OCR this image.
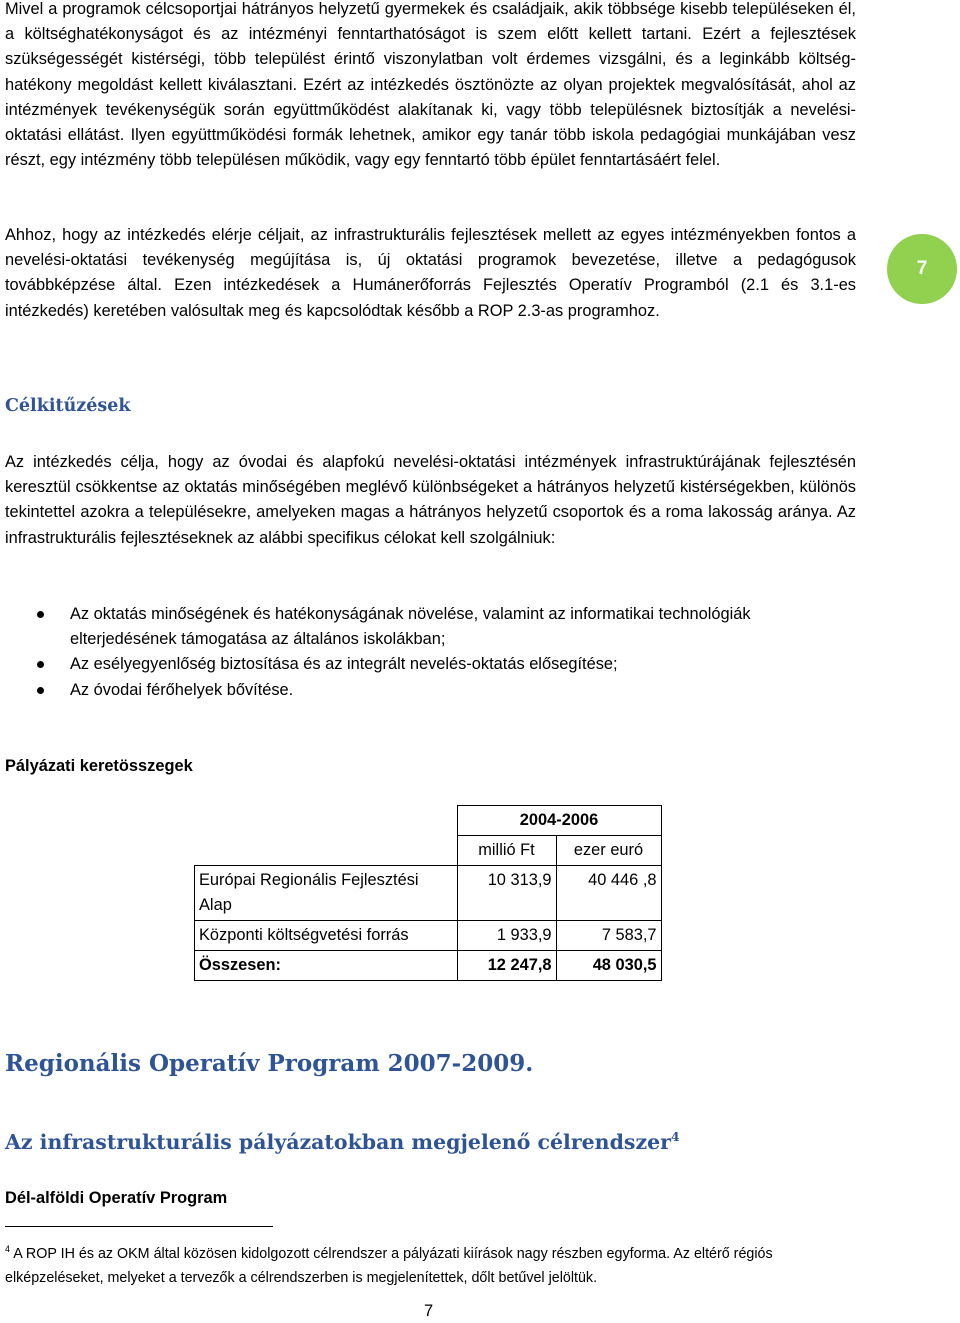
Mivel a programok célcsoportjai hátrányos helyzetű gyermekek és családjaik, akik többsége kisebb településeken él, a költséghatékonyságot és az intézményi fenntarthatóságot is szem előtt kellett tartani. Ezért a fejlesztések szükségességét kistérségi, több települést érintő viszonylatban volt érdemes vizsgálni, és a leginkább költség-hatékony megoldást kellett kiválasztani. Ezért az intézkedés ösztönözte az olyan projektek megvalósítását, ahol az intézmények tevékenységük során együttműködést alakítanak ki, vagy több településnek biztosítják a nevelési-oktatási ellátást. Ilyen együttműködési formák lehetnek, amikor egy tanár több iskola pedagógiai munkájában vesz részt, egy intézmény több településen működik, vagy egy fenntartó több épület fenntartásáért felel.

Ahhoz, hogy az intézkedés elérje céljait, az infrastrukturális fejlesztések mellett az egyes intézményekben fontos a nevelési-oktatási tevékenység megújítása is, új oktatási programok bevezetése, illetve a pedagógusok továbbképzése által. Ezen intézkedések a Humánerőforrás Fejlesztés Operatív Programból (2.1 és 3.1-es intézkedés) keretében valósultak meg és kapcsolódtak később a ROP 2.3-as programhoz.

7
Célkitűzések

Az intézkedés célja, hogy az óvodai és alapfokú nevelési-oktatási intézmények infrastruktúrájának fejlesztésén keresztül csökkentse az oktatás minőségében meglévő különbségeket a hátrányos helyzetű kistérségekben, különös tekintettel azokra a településekre, amelyeken magas a hátrányos helyzetű csoportok és a roma lakosság aránya. Az infrastrukturális fejlesztéseknek az alábbi specifikus célokat kell szolgálniuk:

Az oktatás minőségének és hatékonyságának növelése, valamint az informatikai technológiák elterjedésének támogatása az általános iskolákban;
Az esélyegyenlőség biztosítása és az integrált nevelés-oktatás elősegítése;
Az óvodai férőhelyek bővítése.
Pályázati keretösszegek
	2004-2006	
	millió Ft	ezer euró
Európai Regionális Fejlesztési Alap	10 313,9	40 446 ,8
Központi költségvetési forrás	1 933,9	7 583,7
Összesen:	12 247,8	48 030,5
Regionális Operatív Program 2007-2009.
Az infrastrukturális pályázatokban megjelenő célrendszer$^4$
Dél-alföldi Operatív Program

$^4$ A ROP IH és az OKM által közösen kidolgozott célrendszer a pályázati kiírások nagy részben egyforma. Az eltérő régiós elképzeléseket, melyeket a tervezők a célrendszerben is megjelenítettek, dőlt betűvel jelöltük.

7
